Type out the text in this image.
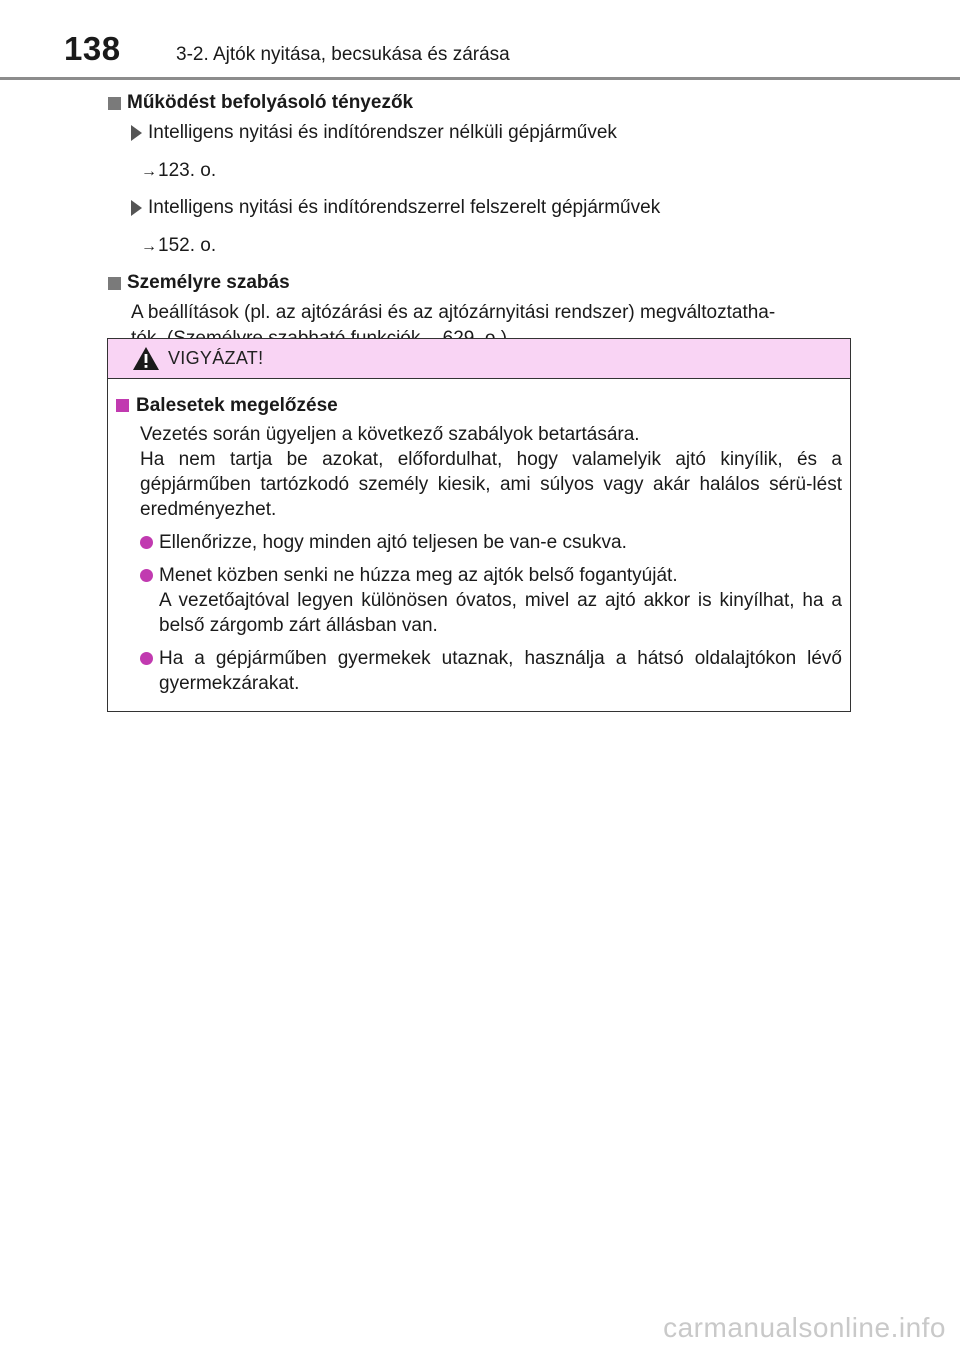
138	3-2. Ajtók nyitása, becsukása és zárása
Működést befolyásoló tényezők
Intelligens nyitási és indítórendszer nélküli gépjárművek
→123. o.
Intelligens nyitási és indítórendszerrel felszerelt gépjárművek
→152. o.
Személyre szabás
A beállítások (pl. az ajtózárási és az ajtózárnyitási rendszer) megváltoztatha-
VIGYÁZAT!
Balesetek megelőzése
Vezetés során ügyeljen a következő szabályok betartására.
Ha nem tartja be azokat, előfordulhat, hogy valamelyik ajtó kinyílik, és a gépjárműben tartózkodó személy kiesik, ami súlyos vagy akár halálos sérü-lést eredményezhet.
Ellenőrizze, hogy minden ajtó teljesen be van-e csukva.
Menet közben senki ne húzza meg az ajtók belső fogantyúját.
A vezetőajtóval legyen különösen óvatos, mivel az ajtó akkor is kinyílhat, ha a belső zárgomb zárt állásban van.
Ha a gépjárműben gyermekek utaznak, használja a hátsó oldalajtókon lévő gyermekzárakat.
carmanualsonline.info
